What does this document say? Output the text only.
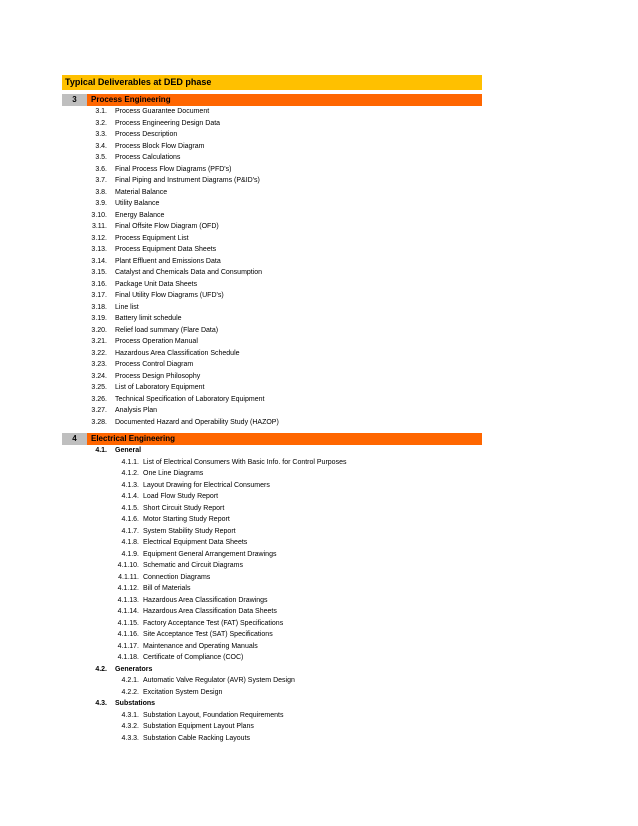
Typical Deliverables at DED phase
3	Process Engineering
3.1. Process Guarantee Document
3.2. Process Engineering Design Data
3.3. Process Description
3.4. Process Block Flow Diagram
3.5. Process Calculations
3.6. Final Process Flow Diagrams (PFD's)
3.7. Final Piping and Instrument Diagrams (P&ID's)
3.8. Material Balance
3.9. Utility Balance
3.10. Energy Balance
3.11. Final Offsite Flow Diagram (OFD)
3.12. Process Equipment List
3.13. Process Equipment Data Sheets
3.14. Plant Effluent and Emissions Data
3.15. Catalyst and Chemicals Data and Consumption
3.16. Package Unit Data Sheets
3.17. Final Utility Flow Diagrams (UFD's)
3.18. Line list
3.19. Battery limit schedule
3.20. Relief load summary (Flare Data)
3.21. Process Operation Manual
3.22. Hazardous Area Classification Schedule
3.23. Process Control Diagram
3.24. Process Design Philosophy
3.25. List of Laboratory Equipment
3.26. Technical Specification of Laboratory Equipment
3.27. Analysis Plan
3.28. Documented Hazard and Operability Study (HAZOP)
4	Electrical Engineering
4.1. General
4.1.1. List of Electrical Consumers With Basic Info. for Control Purposes
4.1.2. One Line Diagrams
4.1.3. Layout Drawing for Electrical Consumers
4.1.4. Load Flow Study Report
4.1.5. Short Circuit Study Report
4.1.6. Motor Starting Study Report
4.1.7. System Stability Study Report
4.1.8. Electrical Equipment Data Sheets
4.1.9. Equipment General Arrangement Drawings
4.1.10. Schematic and Circuit Diagrams
4.1.11. Connection Diagrams
4.1.12. Bill of Materials
4.1.13. Hazardous Area Classification Drawings
4.1.14. Hazardous Area Classification Data Sheets
4.1.15. Factory Acceptance Test (FAT) Specifications
4.1.16. Site Acceptance Test (SAT) Specifications
4.1.17. Maintenance and Operating Manuals
4.1.18. Certificate of Compliance (COC)
4.2. Generators
4.2.1. Automatic Valve Regulator (AVR) System Design
4.2.2. Excitation System Design
4.3. Substations
4.3.1. Substation Layout, Foundation Requirements
4.3.2. Substation Equipment Layout Plans
4.3.3. Substation Cable Racking Layouts
